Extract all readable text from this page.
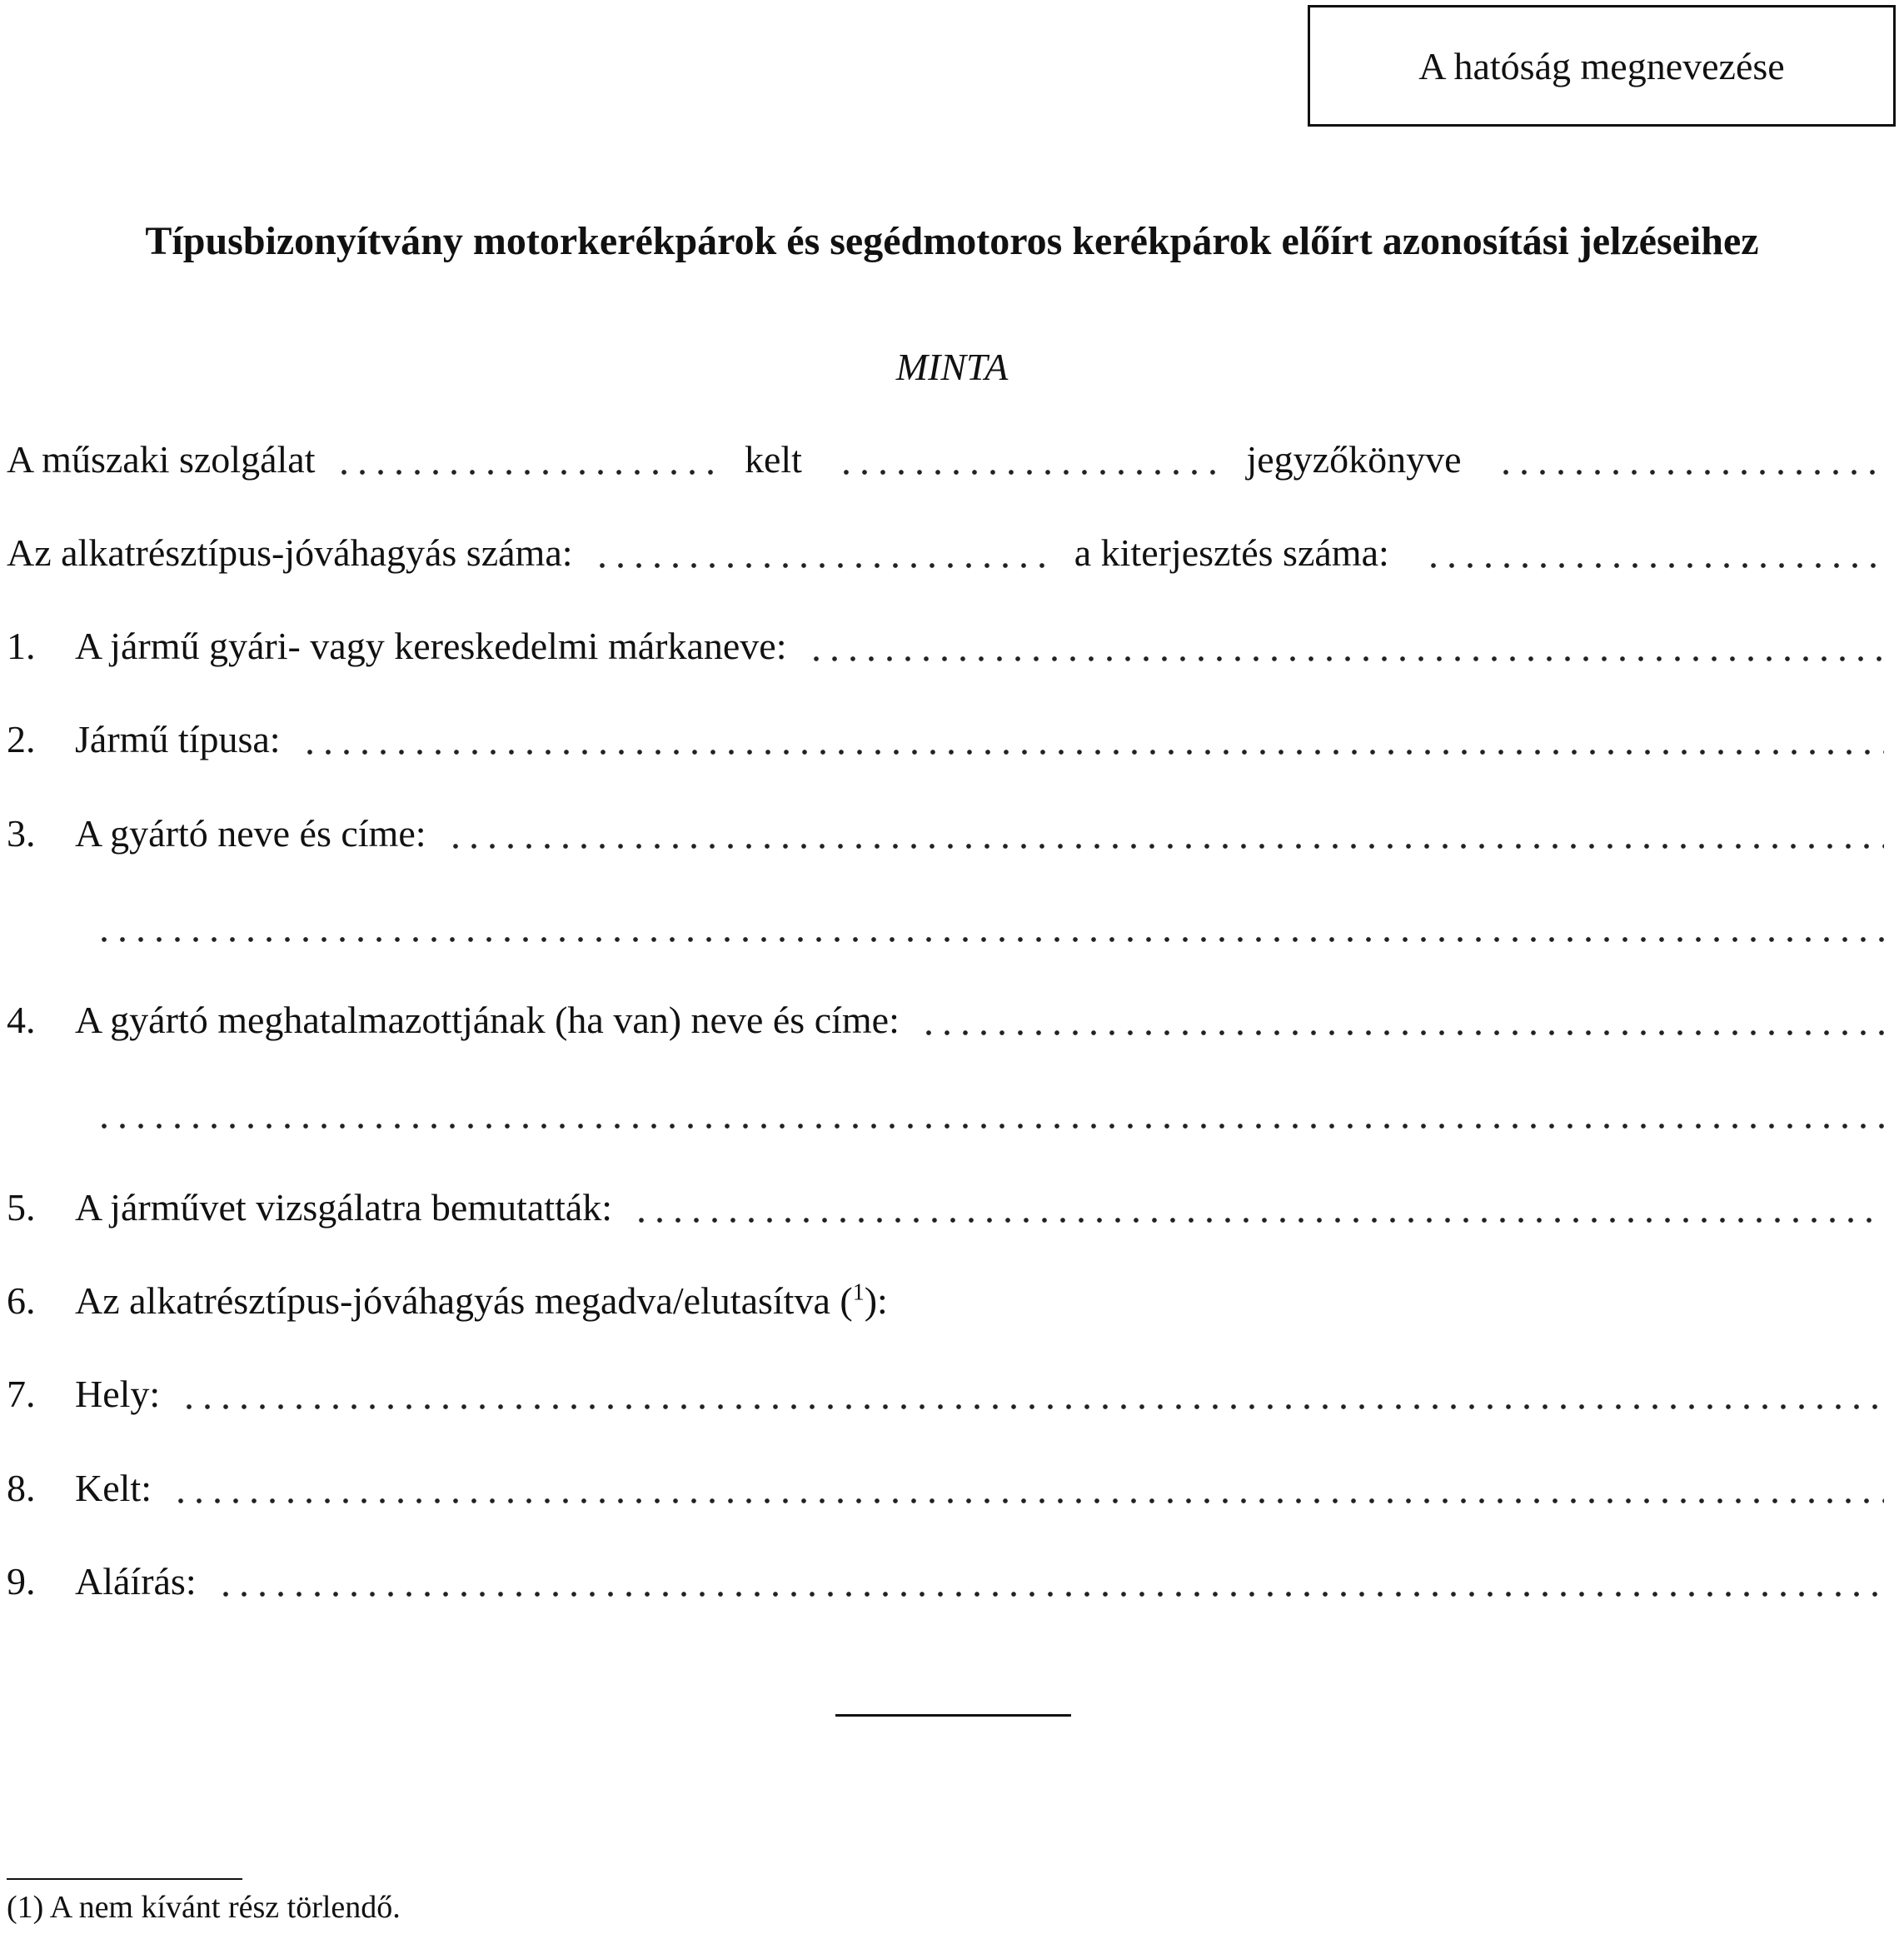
A hatóság megnevezése
Típusbizonyítvány motorkerékpárok és segédmotoros kerékpárok előírt azonosítási jelzéseihez
MINTA
A műszaki szolgálat	kelt	jegyzőkönyve
Az alkatrésztípus-jóváhagyás száma:	a kiterjesztés száma:
1.	A jármű gyári- vagy kereskedelmi márkaneve:
2.	Jármű típusa:
3.	A gyártó neve és címe:
4.	A gyártó meghatalmazottjának (ha van) neve és címe:
5.	A járművet vizsgálatra bemutatták:
6.	Az alkatrésztípus-jóváhagyás megadva/elutasítva ($^1$):
7.	Hely:
8.	Kelt:
9.	Aláírás:
(1) A nem kívánt rész törlendő.
